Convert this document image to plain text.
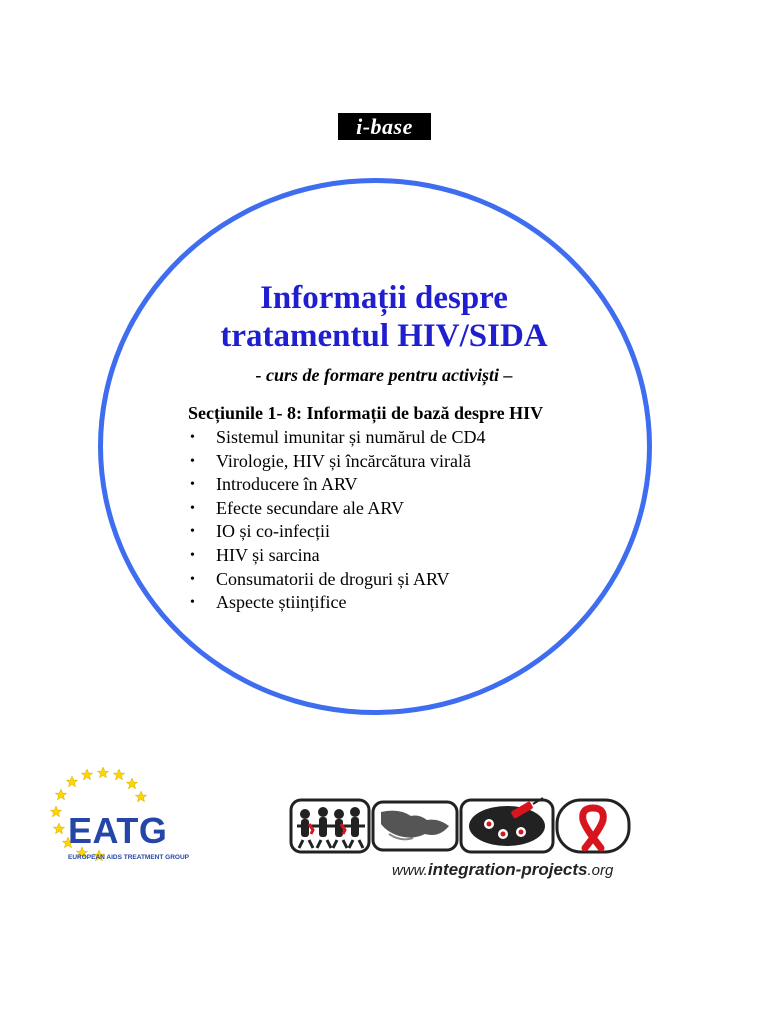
i-base
Informații despre
tratamentul HIV/SIDA
- curs de formare pentru activiști –
Secțiunile 1- 8: Informații de bază despre HIV
• Sistemul imunitar și numărul de CD4
• Virologie, HIV și încărcătura virală
• Introducere în ARV
• Efecte secundare ale ARV
• IO și co-infecții
• HIV și sarcina
• Consumatorii de droguri și ARV
• Aspecte științifice
EATG
EUROPEAN AIDS TREATMENT GROUP
www.integration-projects.org
